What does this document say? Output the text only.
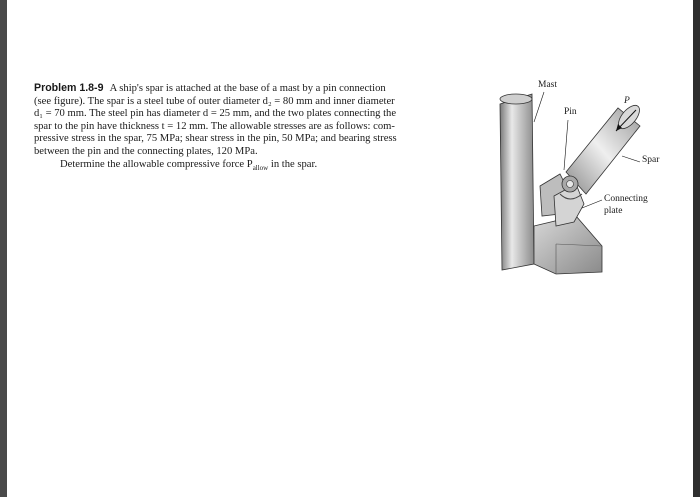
Problem 1.8-9 A ship's spar is attached at the base of a mast by a pin connection
(see figure). The spar is a steel tube of outer diameter d₂ = 80 mm and inner diameter
d₁ = 70 mm. The steel pin has diameter d = 25 mm, and the two plates connecting the
spar to the pin have thickness t = 12 mm. The allowable stresses are as follows: com-
pressive stress in the spar, 75 MPa; shear stress in the pin, 50 MPa; and bearing stress
between the pin and the connecting plates, 120 MPa.
Determine the allowable compressive force $P_{allow}$ in the spar.
Mast
Pin
P
Spar
Connecting
plate
